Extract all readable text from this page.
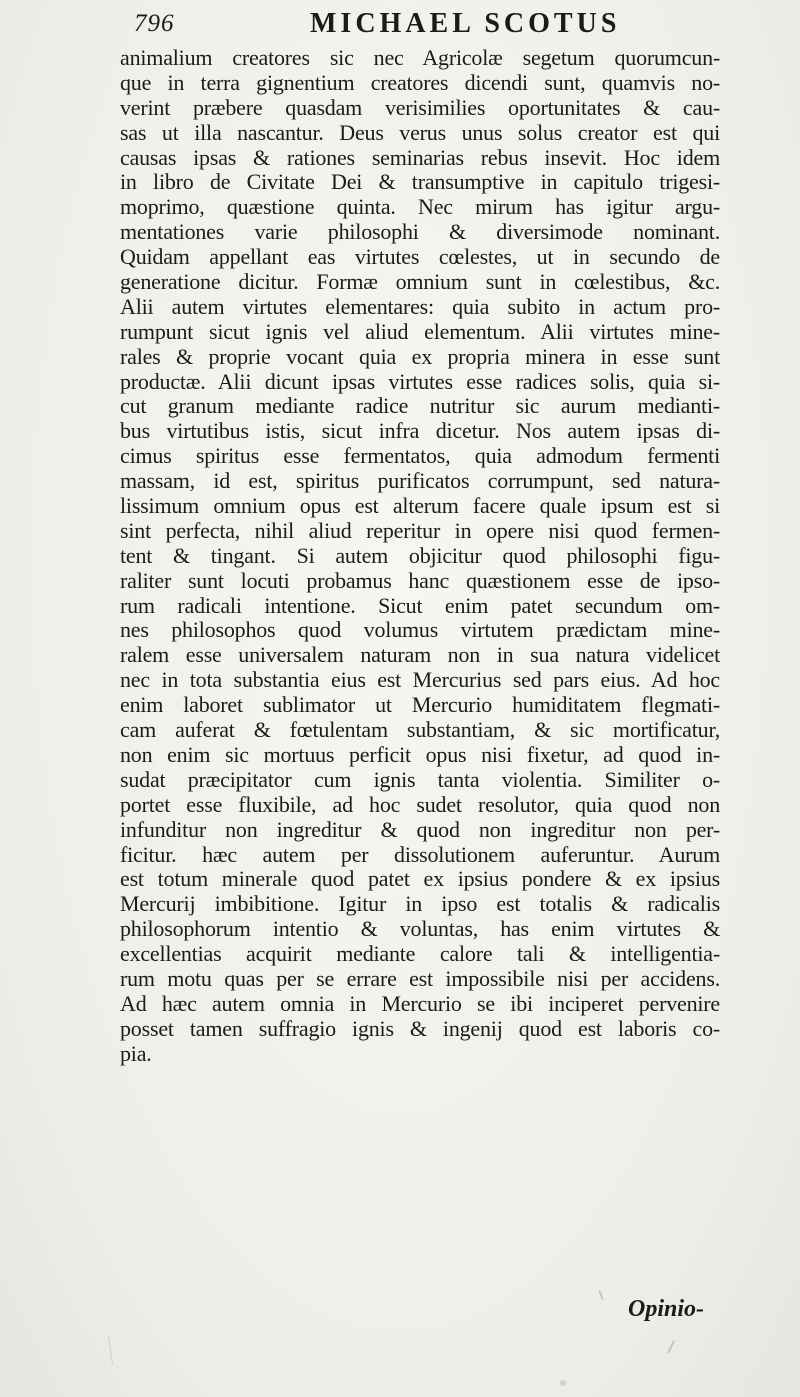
796	MICHAEL SCOTUS
animalium creatores sic nec Agricolæ segetum quorumcun-
que in terra gignentium creatores dicendi sunt, quamvis no-
verint præbere quasdam verisimilies oportunitates & cau-
sas ut illa nascantur. Deus verus unus solus creator est qui
causas ipsas & rationes seminarias rebus insevit. Hoc idem
in libro de Civitate Dei & transumptive in capitulo trigesi-
moprimo, quæstione quinta. Nec mirum has igitur argu-
mentationes varie philosophi & diversimode nominant.
Quidam appellant eas virtutes cœlestes, ut in secundo de
generatione dicitur. Formæ omnium sunt in cœlestibus, &c.
Alii autem virtutes elementares: quia subito in actum pro-
rumpunt sicut ignis vel aliud elementum. Alii virtutes mine-
rales & proprie vocant quia ex propria minera in esse sunt
productæ. Alii dicunt ipsas virtutes esse radices solis, quia si-
cut granum mediante radice nutritur sic aurum medianti-
bus virtutibus istis, sicut infra dicetur. Nos autem ipsas di-
cimus spiritus esse fermentatos, quia admodum fermenti
massam, id est, spiritus purificatos corrumpunt, sed natura-
lissimum omnium opus est alterum facere quale ipsum est si
sint perfecta, nihil aliud reperitur in opere nisi quod fermen-
tent & tingant. Si autem objicitur quod philosophi figu-
raliter sunt locuti probamus hanc quæstionem esse de ipso-
rum radicali intentione. Sicut enim patet secundum om-
nes philosophos quod volumus virtutem prædictam mine-
ralem esse universalem naturam non in sua natura videlicet
nec in tota substantia eius est Mercurius sed pars eius. Ad hoc
enim laboret sublimator ut Mercurio humiditatem flegmati-
cam auferat & fœtulentam substantiam, & sic mortificatur,
non enim sic mortuus perficit opus nisi fixetur, ad quod in-
sudat præcipitator cum ignis tanta violentia. Similiter o-
portet esse fluxibile, ad hoc sudet resolutor, quia quod non
infunditur non ingreditur & quod non ingreditur non per-
ficitur. hæc autem per dissolutionem auferuntur. Aurum
est totum minerale quod patet ex ipsius pondere & ex ipsius
Mercurij imbibitione. Igitur in ipso est totalis & radicalis
philosophorum intentio & voluntas, has enim virtutes &
excellentias acquirit mediante calore tali & intelligentia-
rum motu quas per se errare est impossibile nisi per accidens.
Ad hæc autem omnia in Mercurio se ibi inciperet pervenire
posset tamen suffragio ignis & ingenij quod est laboris co-
pia.
Opinio-
